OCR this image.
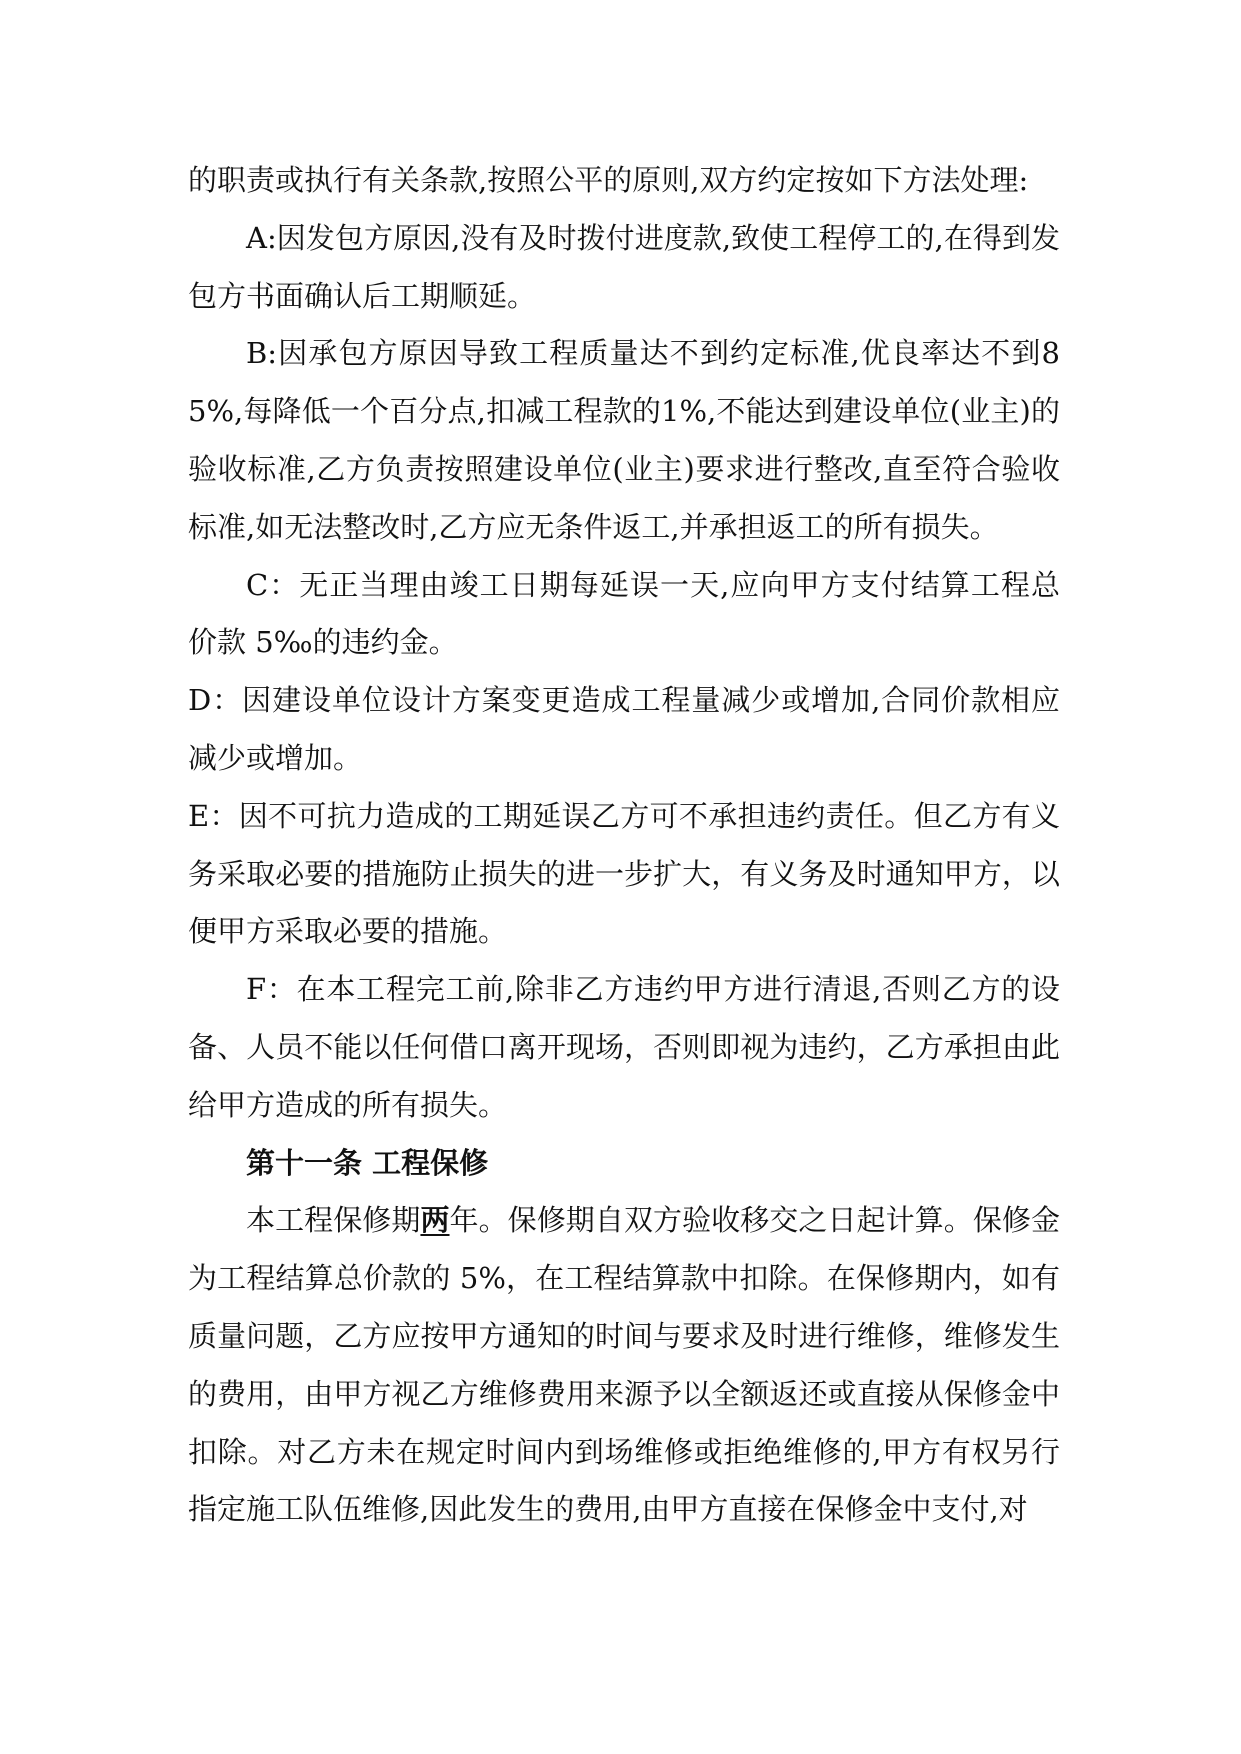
的职责或执行有关条款,按照公平的原则,双方约定按如下方法处理:

A:因发包方原因,没有及时拨付进度款,致使工程停工的,在得到发包方书面确认后工期顺延。

B:因承包方原因导致工程质量达不到约定标准,优良率达不到85%,每降低一个百分点,扣减工程款的1%,不能达到建设单位(业主)的验收标准,乙方负责按照建设单位(业主)要求进行整改,直至符合验收标准,如无法整改时,乙方应无条件返工,并承担返工的所有损失。

C：无正当理由竣工日期每延误一天,应向甲方支付结算工程总价款 5‰的违约金。

D：因建设单位设计方案变更造成工程量减少或增加,合同价款相应减少或增加。

E：因不可抗力造成的工期延误乙方可不承担违约责任。但乙方有义务采取必要的措施防止损失的进一步扩大，有义务及时通知甲方，以便甲方采取必要的措施。

F：在本工程完工前,除非乙方违约甲方进行清退,否则乙方的设备、人员不能以任何借口离开现场，否则即视为违约，乙方承担由此给甲方造成的所有损失。

第十一条 工程保修

本工程保修期两年。保修期自双方验收移交之日起计算。保修金为工程结算总价款的 5%，在工程结算款中扣除。在保修期内，如有质量问题，乙方应按甲方通知的时间与要求及时进行维修，维修发生的费用，由甲方视乙方维修费用来源予以全额返还或直接从保修金中扣除。对乙方未在规定时间内到场维修或拒绝维修的,甲方有权另行指定施工队伍维修,因此发生的费用,由甲方直接在保修金中支付,对
